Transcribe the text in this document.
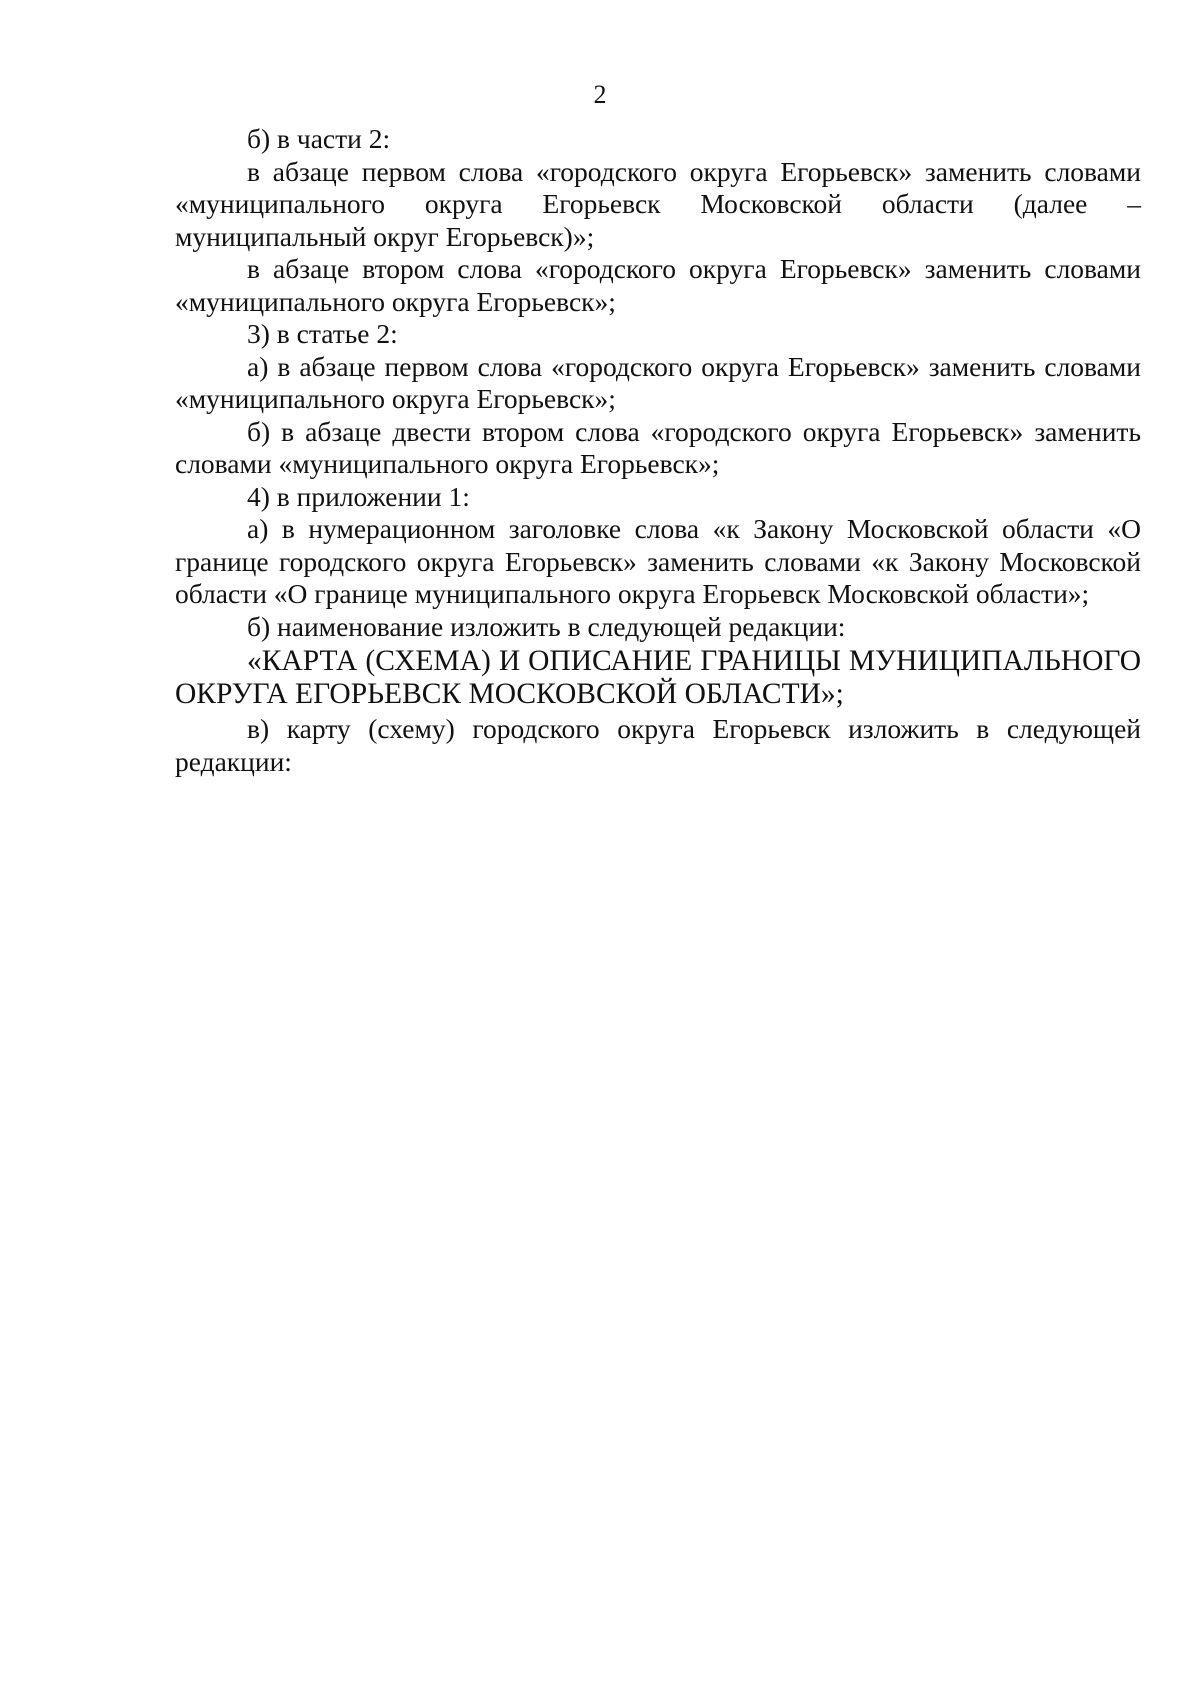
2

б) в части 2:

в абзаце первом слова «городского округа Егорьевск» заменить словами «муниципального округа Егорьевск Московской области (далее – муниципальный округ Егорьевск)»;

в абзаце втором слова «городского округа Егорьевск» заменить словами «муниципального округа Егорьевск»;

3) в статье 2:

а) в абзаце первом слова «городского округа Егорьевск» заменить словами «муниципального округа Егорьевск»;

б) в абзаце двести втором слова «городского округа Егорьевск» заменить словами «муниципального округа Егорьевск»;

4) в приложении 1:

а) в нумерационном заголовке слова «к Закону Московской области «О границе городского округа Егорьевск» заменить словами «к Закону Московской области «О границе муниципального округа Егорьевск Московской области»;

б) наименование изложить в следующей редакции:

«КАРТА (СХЕМА) И ОПИСАНИЕ ГРАНИЦЫ МУНИЦИПАЛЬНОГО ОКРУГА ЕГОРЬЕВСК МОСКОВСКОЙ ОБЛАСТИ»;

в) карту (схему) городского округа Егорьевск изложить в следующей редакции:
